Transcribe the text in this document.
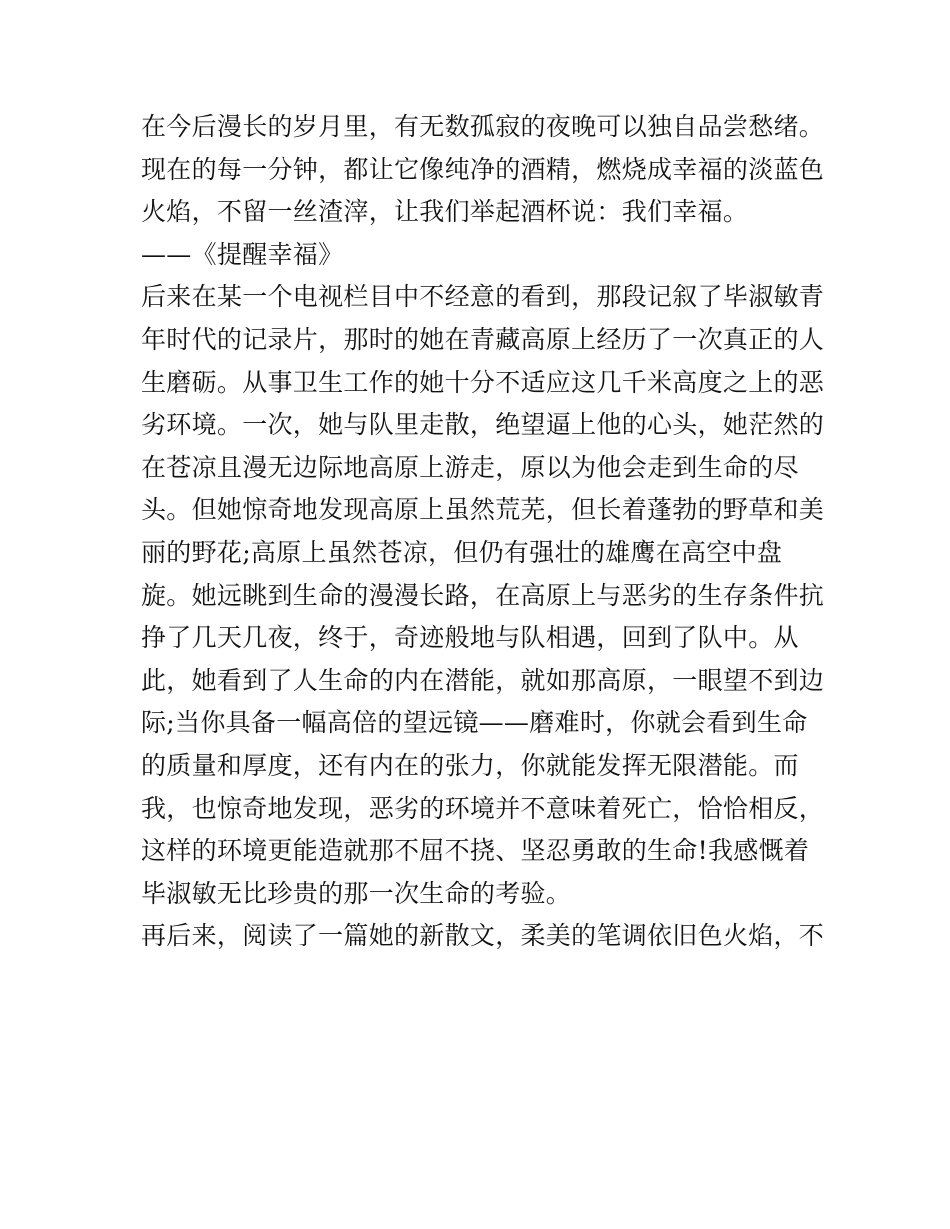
在今后漫长的岁月里，有无数孤寂的夜晚可以独自品尝愁绪。
现在的每一分钟，都让它像纯净的酒精，燃烧成幸福的淡蓝色
火焰，不留一丝渣滓，让我们举起酒杯说：我们幸福。
——《提醒幸福》
后来在某一个电视栏目中不经意的看到，那段记叙了毕淑敏青
年时代的记录片，那时的她在青藏高原上经历了一次真正的人
生磨砺。从事卫生工作的她十分不适应这几千米高度之上的恶
劣环境。一次，她与队里走散，绝望逼上他的心头，她茫然的
在苍凉且漫无边际地高原上游走，原以为他会走到生命的尽
头。但她惊奇地发现高原上虽然荒芜，但长着蓬勃的野草和美
丽的野花;高原上虽然苍凉，但仍有强壮的雄鹰在高空中盘
旋。她远眺到生命的漫漫长路，在高原上与恶劣的生存条件抗
挣了几天几夜，终于，奇迹般地与队相遇，回到了队中。从
此，她看到了人生命的内在潜能，就如那高原，一眼望不到边
际;当你具备一幅高倍的望远镜——磨难时，你就会看到生命
的质量和厚度，还有内在的张力，你就能发挥无限潜能。而
我，也惊奇地发现，恶劣的环境并不意味着死亡，恰恰相反，
这样的环境更能造就那不屈不挠、坚忍勇敢的生命!我感慨着
毕淑敏无比珍贵的那一次生命的考验。
再后来，阅读了一篇她的新散文，柔美的笔调依旧色火焰，不
